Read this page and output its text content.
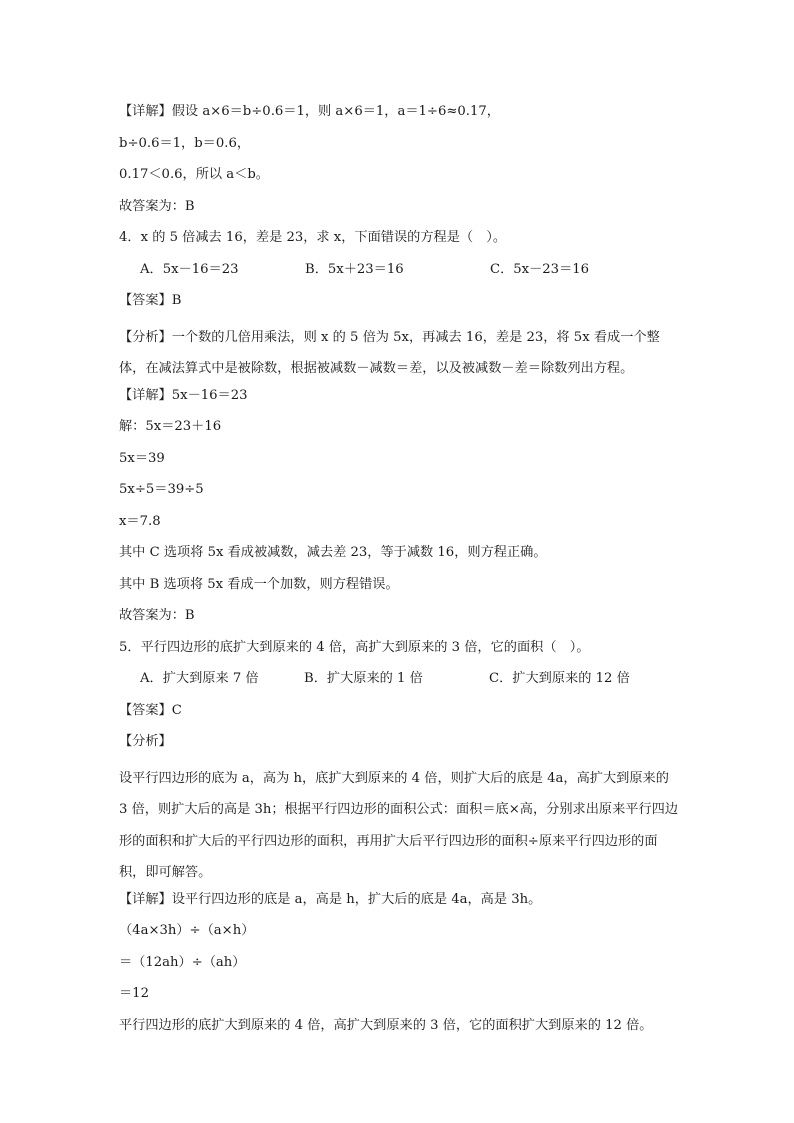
【详解】假设 a×6＝b÷0.6＝1，则 a×6＝1，a＝1÷6≈0.17，
b÷0.6＝1，b＝0.6，
0.17＜0.6，所以 a＜b。
故答案为：B
4．x 的 5 倍减去 16，差是 23，求 x，下面错误的方程是（　）。
A．5x－16＝23	B．5x＋23＝16	C．5x－23＝16
【答案】B
【分析】一个数的几倍用乘法，则 x 的 5 倍为 5x，再减去 16，差是 23，将 5x 看成一个整体，在减法算式中是被除数，根据被减数－减数＝差，以及被减数－差＝除数列出方程。
【详解】5x－16＝23
解：5x＝23＋16
5x＝39
5x÷5＝39÷5
x＝7.8
其中 C 选项将 5x 看成被减数，减去差 23，等于减数 16，则方程正确。
其中 B 选项将 5x 看成一个加数，则方程错误。
故答案为：B
5．平行四边形的底扩大到原来的 4 倍，高扩大到原来的 3 倍，它的面积（　）。
A．扩大到原来 7 倍	B．扩大原来的 1 倍	C．扩大到原来的 12 倍
【答案】C
【分析】
设平行四边形的底为 a，高为 h，底扩大到原来的 4 倍，则扩大后的底是 4a，高扩大到原来的 3 倍，则扩大后的高是 3h；根据平行四边形的面积公式：面积＝底×高，分别求出原来平行四边形的面积和扩大后的平行四边形的面积，再用扩大后平行四边形的面积÷原来平行四边形的面积，即可解答。
【详解】设平行四边形的底是 a，高是 h，扩大后的底是 4a，高是 3h。
（4a×3h）÷（a×h）
＝（12ah）÷（ah）
＝12
平行四边形的底扩大到原来的 4 倍，高扩大到原来的 3 倍，它的面积扩大到原来的 12 倍。
